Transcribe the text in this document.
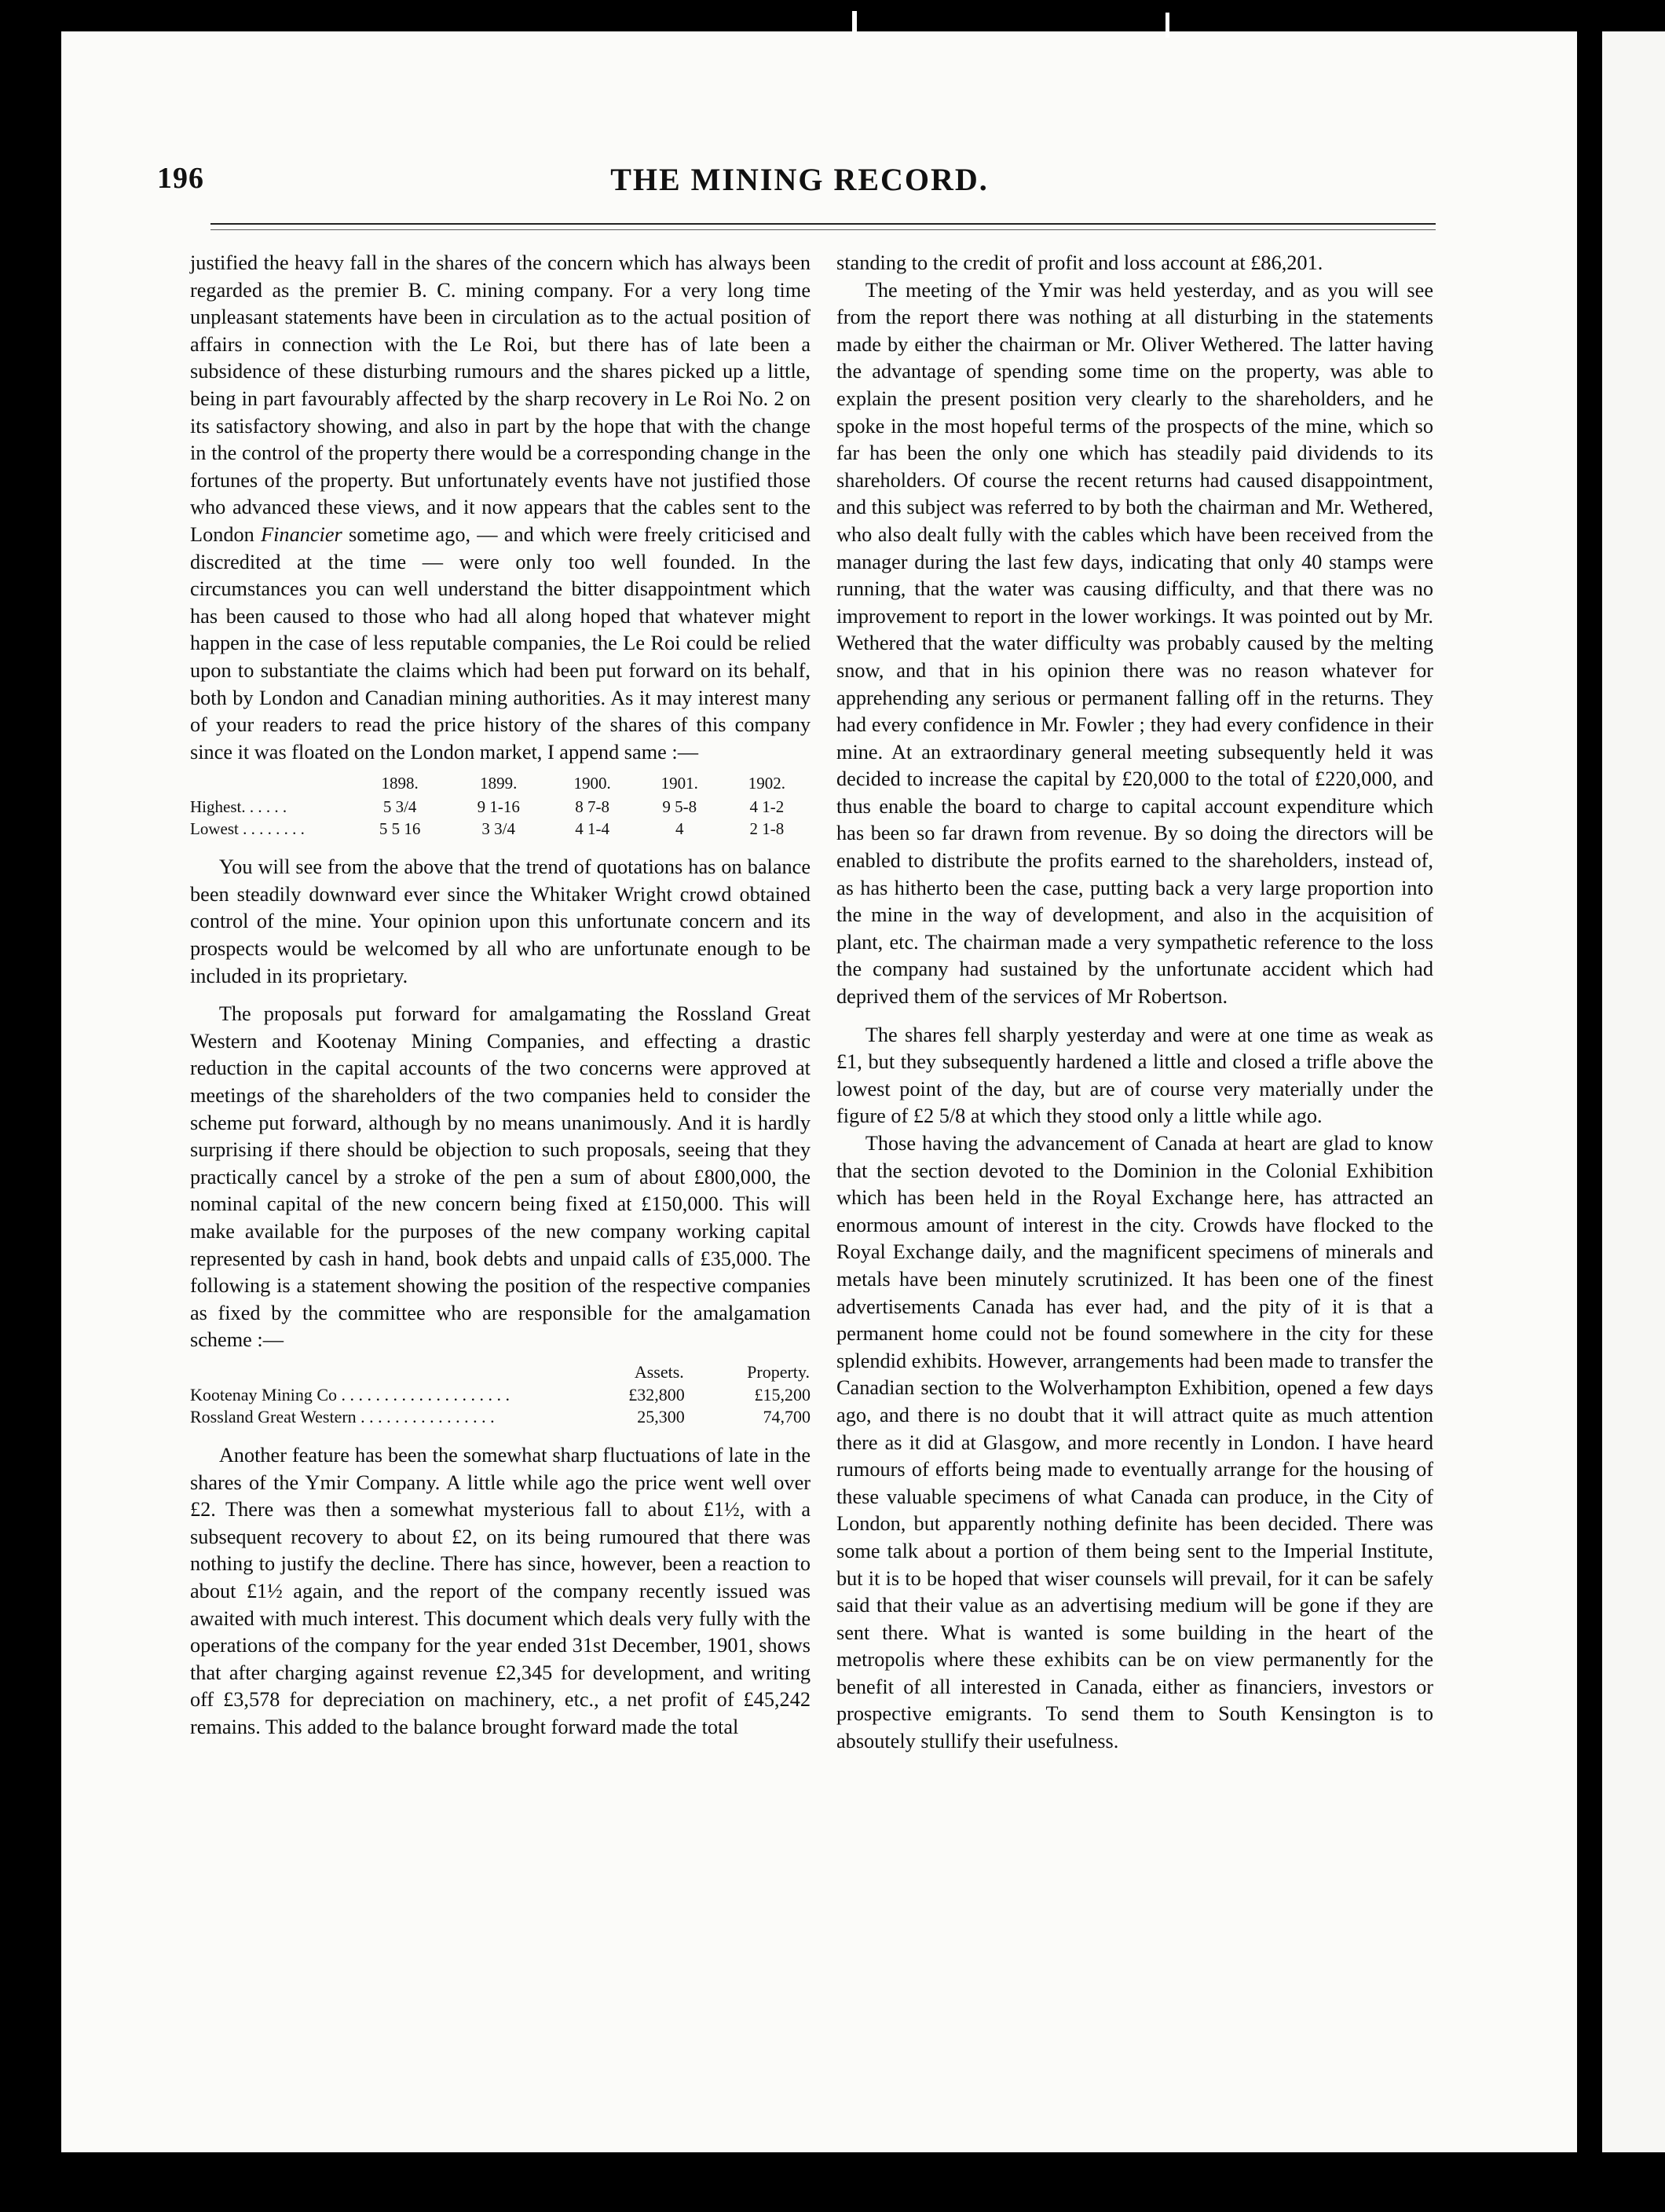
196	THE MINING RECORD.

justified the heavy fall in the shares of the concern which has always been regarded as the premier B. C. mining company. For a very long time unpleasant statements have been in circulation as to the actual position of affairs in connection with the Le Roi, but there has of late been a subsidence of these disturbing rumours and the shares picked up a little, being in part favourably affected by the sharp recovery in Le Roi No. 2 on its satisfactory showing, and also in part by the hope that with the change in the control of the property there would be a corresponding change in the fortunes of the property. But unfortunately events have not justified those who advanced these views, and it now appears that the cables sent to the London Financier sometime ago, — and which were freely criticised and discredited at the time — were only too well founded. In the circumstances you can well understand the bitter disappointment which has been caused to those who had all along hoped that whatever might happen in the case of less reputable companies, the Le Roi could be relied upon to substantiate the claims which had been put forward on its behalf, both by London and Canadian mining authorities. As it may interest many of your readers to read the price history of the shares of this company since it was floated on the London market, I append same :—

	1898.	1899.	1900.	1901.	1902.
Highest. . . . . .	5 3/4	9 1-16	8 7-8	9 5-8	4 1-2
Lowest . . . . . . . .	5 5 16	3 3/4	4 1-4	4	2 1-8

You will see from the above that the trend of quotations has on balance been steadily downward ever since the Whitaker Wright crowd obtained control of the mine. Your opinion upon this unfortunate concern and its prospects would be welcomed by all who are unfortunate enough to be included in its proprietary.

The proposals put forward for amalgamating the Rossland Great Western and Kootenay Mining Companies, and effecting a drastic reduction in the capital accounts of the two concerns were approved at meetings of the shareholders of the two companies held to consider the scheme put forward, although by no means unanimously. And it is hardly surprising if there should be objection to such proposals, seeing that they practically cancel by a stroke of the pen a sum of about £800,000, the nominal capital of the new concern being fixed at £150,000. This will make available for the purposes of the new company working capital represented by cash in hand, book debts and unpaid calls of £35,000. The following is a statement showing the position of the respective companies as fixed by the committee who are responsible for the amalgamation scheme :—

	Assets.	Property.
Kootenay Mining Co . . . . . . . . . . . . . . . . . . . .	£32,800	£15,200
Rossland Great Western . . . . . . . . . . . . . . . .	25,300	74,700

Another feature has been the somewhat sharp fluctuations of late in the shares of the Ymir Company. A little while ago the price went well over £2. There was then a somewhat mysterious fall to about £1½, with a subsequent recovery to about £2, on its being rumoured that there was nothing to justify the decline. There has since, however, been a reaction to about £1½ again, and the report of the company recently issued was awaited with much interest. This document which deals very fully with the operations of the company for the year ended 31st December, 1901, shows that after charging against revenue £2,345 for development, and writing off £3,578 for depreciation on machinery, etc., a net profit of £45,242 remains. This added to the balance brought forward made the total

standing to the credit of profit and loss account at £86,201.

The meeting of the Ymir was held yesterday, and as you will see from the report there was nothing at all disturbing in the statements made by either the chairman or Mr. Oliver Wethered. The latter having the advantage of spending some time on the property, was able to explain the present position very clearly to the shareholders, and he spoke in the most hopeful terms of the prospects of the mine, which so far has been the only one which has steadily paid dividends to its shareholders. Of course the recent returns had caused disappointment, and this subject was referred to by both the chairman and Mr. Wethered, who also dealt fully with the cables which have been received from the manager during the last few days, indicating that only 40 stamps were running, that the water was causing difficulty, and that there was no improvement to report in the lower workings. It was pointed out by Mr. Wethered that the water difficulty was probably caused by the melting snow, and that in his opinion there was no reason whatever for apprehending any serious or permanent falling off in the returns. They had every confidence in Mr. Fowler ; they had every confidence in their mine. At an extraordinary general meeting subsequently held it was decided to increase the capital by £20,000 to the total of £220,000, and thus enable the board to charge to capital account expenditure which has been so far drawn from revenue. By so doing the directors will be enabled to distribute the profits earned to the shareholders, instead of, as has hitherto been the case, putting back a very large proportion into the mine in the way of development, and also in the acquisition of plant, etc. The chairman made a very sympathetic reference to the loss the company had sustained by the unfortunate accident which had deprived them of the services of Mr Robertson.

The shares fell sharply yesterday and were at one time as weak as £1, but they subsequently hardened a little and closed a trifle above the lowest point of the day, but are of course very materially under the figure of £2 5/8 at which they stood only a little while ago.

Those having the advancement of Canada at heart are glad to know that the section devoted to the Dominion in the Colonial Exhibition which has been held in the Royal Exchange here, has attracted an enormous amount of interest in the city. Crowds have flocked to the Royal Exchange daily, and the magnificent specimens of minerals and metals have been minutely scrutinized. It has been one of the finest advertisements Canada has ever had, and the pity of it is that a permanent home could not be found somewhere in the city for these splendid exhibits. However, arrangements had been made to transfer the Canadian section to the Wolverhampton Exhibition, opened a few days ago, and there is no doubt that it will attract quite as much attention there as it did at Glasgow, and more recently in London. I have heard rumours of efforts being made to eventually arrange for the housing of these valuable specimens of what Canada can produce, in the City of London, but apparently nothing definite has been decided. There was some talk about a portion of them being sent to the Imperial Institute, but it is to be hoped that wiser counsels will prevail, for it can be safely said that their value as an advertising medium will be gone if they are sent there. What is wanted is some building in the heart of the metropolis where these exhibits can be on view permanently for the benefit of all interested in Canada, either as financiers, investors or prospective emigrants. To send them to South Kensington is to absoutely stullify their usefulness.
